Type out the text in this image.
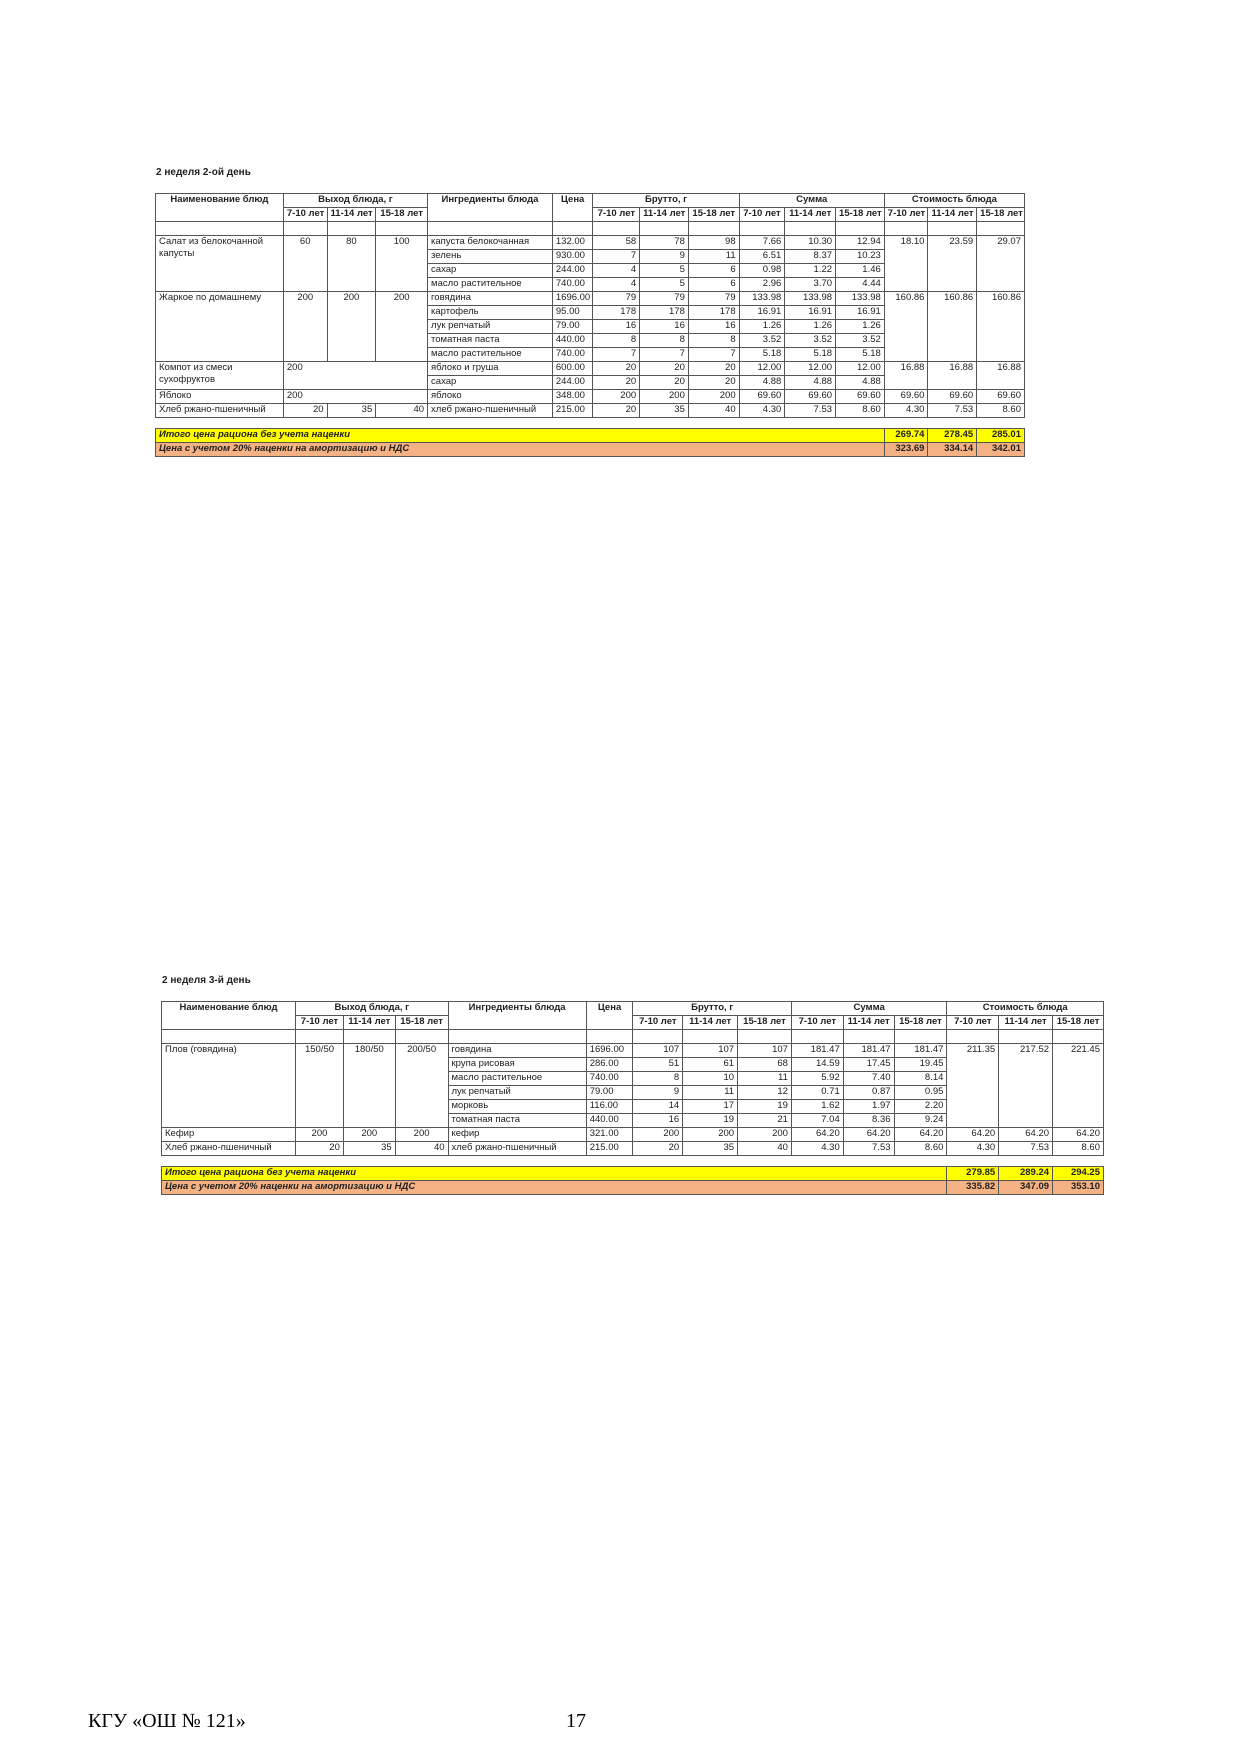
2 неделя 2-ой день
Наименование блюд	Выход блюда, г			Ингредиенты блюда	Цена	Брутто, г			Сумма			Стоимость блюда		
	7-10 лет	11-14 лет	15-18 лет			7-10 лет	11-14 лет	15-18 лет	7-10 лет	11-14 лет	15-18 лет	7-10 лет	11-14 лет	15-18 лет

Салат из белокочанной капусты	60	80	100	капуста белокочанная	132.00	58	78	98	7.66	10.30	12.94	18.10	23.59	29.07
				зелень	930.00	7	9	11	6.51	8.37	10.23			
				сахар	244.00	4	5	6	0.98	1.22	1.46			
				масло растительное	740.00	4	5	6	2.96	3.70	4.44			
Жаркое по домашнему	200	200	200	говядина	1696.00	79	79	79	133.98	133.98	133.98	160.86	160.86	160.86
				картофель	95.00	178	178	178	16.91	16.91	16.91			
				лук репчатый	79.00	16	16	16	1.26	1.26	1.26			
				томатная паста	440.00	8	8	8	3.52	3.52	3.52			
				масло растительное	740.00	7	7	7	5.18	5.18	5.18			
Компот из смеси сухофруктов	200			яблоко и груша	600.00	20	20	20	12.00	12.00	12.00	16.88	16.88	16.88
				сахар	244.00	20	20	20	4.88	4.88	4.88			
Яблоко	200			яблоко	348.00	200	200	200	69.60	69.60	69.60	69.60	69.60	69.60
Хлеб ржано-пшеничный	20	35	40	хлеб ржано-пшеничный	215.00	20	35	40	4.30	7.53	8.60	4.30	7.53	8.60

Итого цена рациона без учета наценки												269.74	278.45	285.01
Цена с учетом 20% наценки на амортизацию и НДС												323.69	334.14	342.01
2 неделя 3-й день
Наименование блюд	Выход блюда, г			Ингредиенты блюда	Цена	Брутто, г			Сумма			Стоимость блюда		
	7-10 лет	11-14 лет	15-18 лет			7-10 лет	11-14 лет	15-18 лет	7-10 лет	11-14 лет	15-18 лет	7-10 лет	11-14 лет	15-18 лет

Плов (говядина)	150/50	180/50	200/50	говядина	1696.00	107	107	107	181.47	181.47	181.47	211.35	217.52	221.45
				крупа рисовая	286.00	51	61	68	14.59	17.45	19.45			
				масло растительное	740.00	8	10	11	5.92	7.40	8.14			
				лук репчатый	79.00	9	11	12	0.71	0.87	0.95			
				морковь	116.00	14	17	19	1.62	1.97	2.20			
				томатная паста	440.00	16	19	21	7.04	8.36	9.24			
Кефир	200	200	200	кефир	321.00	200	200	200	64.20	64.20	64.20	64.20	64.20	64.20
Хлеб ржано-пшеничный	20	35	40	хлеб ржано-пшеничный	215.00	20	35	40	4.30	7.53	8.60	4.30	7.53	8.60

Итого цена рациона без учета наценки												279.85	289.24	294.25
Цена с учетом 20% наценки на амортизацию и НДС												335.82	347.09	353.10
КГУ «ОШ № 121»	17
